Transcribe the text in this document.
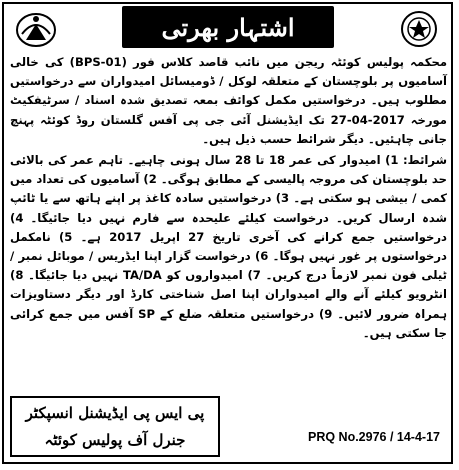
اشتہار بھرتی

محکمہ پولیس کوئٹہ ریجن میں نائب قاصد کلاس فور (BPS-01) کی خالی آسامیوں پر بلوچستان کے متعلقہ لوکل / ڈومیسائل امیدواران سے درخواستیں مطلوب ہیں۔ درخواستیں مکمل کوائف بمعہ تصدیق شدہ اسناد / سرٹیفکیٹ مورخہ 2017-04-27 تک ایڈیشنل آئی جی پی آفس گلستان روڈ کوئٹہ پہنچ جانی چاہئیں۔ دیگر شرائط حسب ذیل ہیں۔

شرائط: 1) امیدوار کی عمر 18 تا 28 سال ہونی چاہیے۔ تاہم عمر کی بالائی حد بلوچستان کی مروجہ پالیسی کے مطابق ہوگی۔ 2) آسامیوں کی تعداد میں کمی / بیشی ہو سکتی ہے۔ 3) درخواستیں سادہ کاغذ پر اپنے ہاتھ سے یا ٹائپ شدہ ارسال کریں۔ درخواست کیلئے علیحدہ سے فارم نہیں دیا جائیگا۔ 4) درخواستیں جمع کرانے کی آخری تاریخ 27 اپریل 2017 ہے۔ 5) نامکمل درخواستوں پر غور نہیں ہوگا۔ 6) درخواست گزار اپنا ایڈریس / موبائل نمبر / ٹیلی فون نمبر لازماً درج کریں۔ 7) امیدواروں کو TA/DA نہیں دیا جائیگا۔ 8) انٹرویو کیلئے آنے والے امیدواران اپنا اصل شناختی کارڈ اور دیگر دستاویزات ہمراہ ضرور لائیں۔ 9) درخواستیں متعلقہ ضلع کے SP آفس میں جمع کرائی جا سکتی ہیں۔

پی ایس پی ایڈیشنل انسپکٹر
جنرل آف پولیس کوئٹہ	PRQ No.2976 / 14-4-17
